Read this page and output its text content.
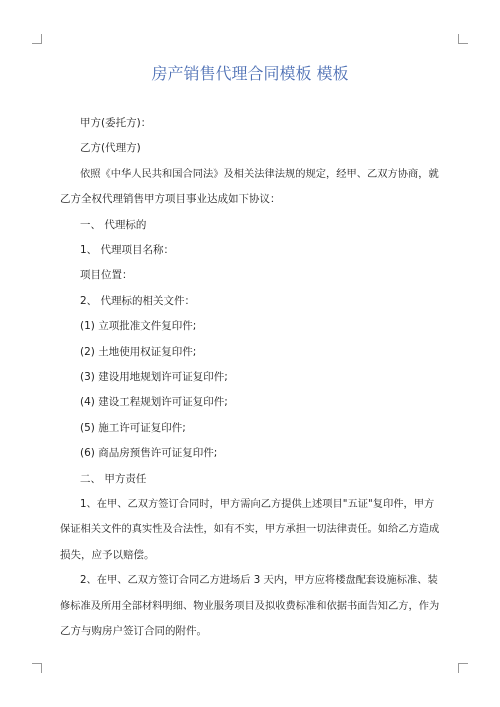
房产销售代理合同模板 模板
甲方(委托方)：
乙方(代理方)
依照《中华人民共和国合同法》及相关法律法规的规定，经甲、乙双方协商，就
乙方全权代理销售甲方项目事业达成如下协议：
一、 代理标的
1、 代理项目名称：
项目位置：
2、 代理标的相关文件：
(1) 立项批准文件复印件;
(2) 土地使用权证复印件;
(3) 建设用地规划许可证复印件;
(4) 建设工程规划许可证复印件;
(5) 施工许可证复印件;
(6) 商品房预售许可证复印件;
二、 甲方责任
1、在甲、乙双方签订合同时，甲方需向乙方提供上述项目"五证"复印件，甲方
保证相关文件的真实性及合法性，如有不实，甲方承担一切法律责任。如给乙方造成
损失，应予以赔偿。
2、在甲、乙双方签订合同乙方进场后 3 天内，甲方应将楼盘配套设施标准、装
修标准及所用全部材料明细、物业服务项目及拟收费标准和依据书面告知乙方，作为
乙方与购房户签订合同的附件。
